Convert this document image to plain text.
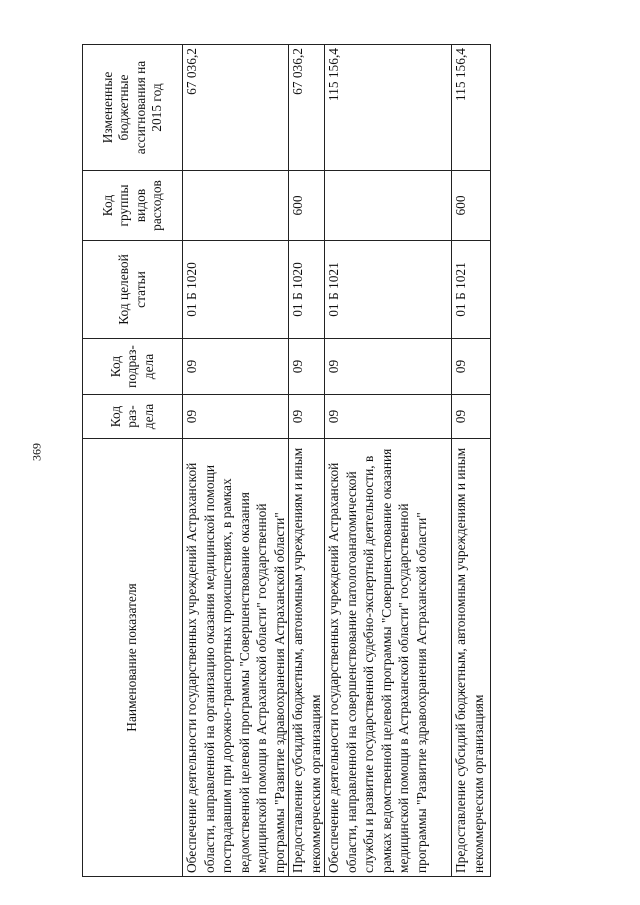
369
Наименование показателя	Код раз-дела	Код подраз-дела	Код целевой статьи	Код группы видов расходов	Измененные бюджетные ассигнования на 2015 год
Обеспечение деятельности государственных учреждений Астраханской области, направленной на организацию оказания медицинской помощи пострадавшим при дорожно-транспортных происшествиях, в рамках ведомственной целевой программы "Совершенствование оказания медицинской помощи в Астраханской области" государственной программы "Развитие здравоохранения Астраханской области"	09	09	01 Б 1020		67 036,2
Предоставление субсидий бюджетным, автономным учреждениям и иным некоммерческим организациям	09	09	01 Б 1020	600	67 036,2
Обеспечение деятельности государственных учреждений Астраханской области, направленной на совершенствование патологоанатомической службы и развитие государственной судебно-экспертной деятельности, в рамках ведомственной целевой программы "Совершенствование оказания медицинской помощи в Астраханской области" государственной программы "Развитие здравоохранения Астраханской области"	09	09	01 Б 1021		115 156,4
Предоставление субсидий бюджетным, автономным учреждениям и иным некоммерческим организациям	09	09	01 Б 1021	600	115 156,4
